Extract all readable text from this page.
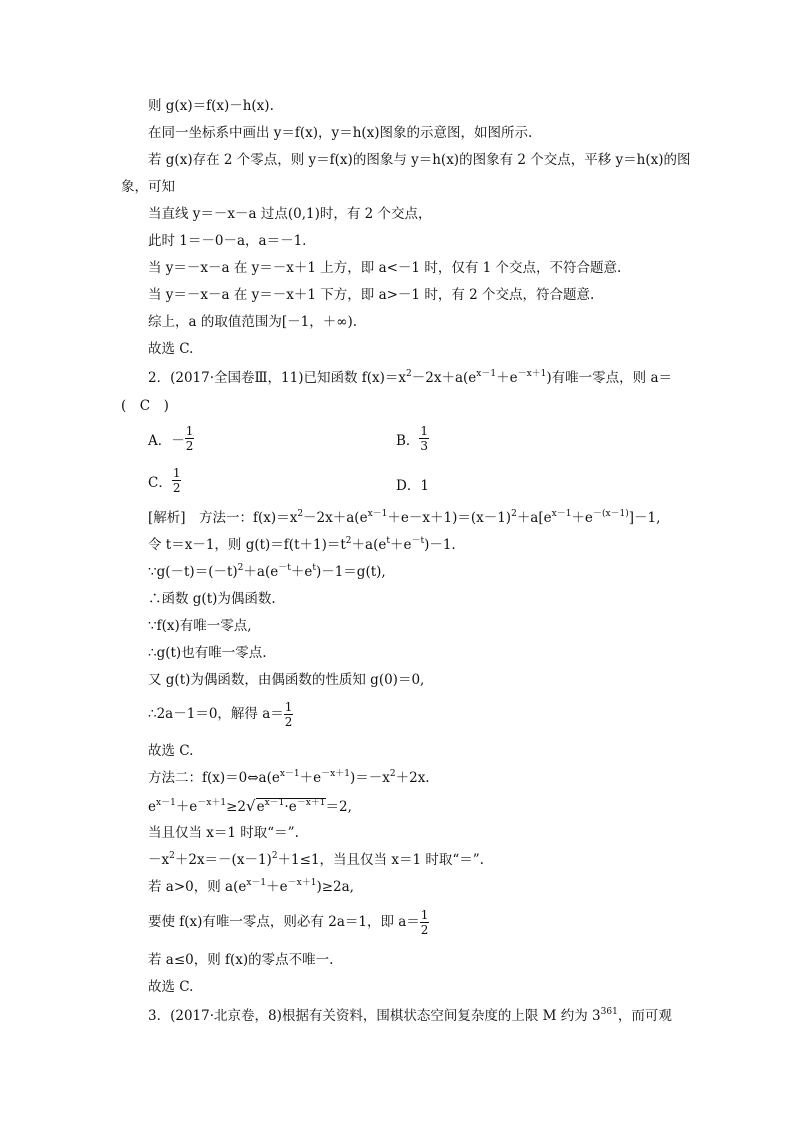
则 g(x)＝f(x)－h(x).
在同一坐标系中画出 y＝f(x)，y＝h(x)图象的示意图，如图所示.
若 g(x)存在 2 个零点，则 y＝f(x)的图象与 y＝h(x)的图象有 2 个交点，平移 y＝h(x)的图
象，可知
当直线 y＝－x－a 过点(0,1)时，有 2 个交点，
此时 1＝－0－a，a＝－1.
当 y＝－x－a 在 y＝－x＋1 上方，即 a<－1 时，仅有 1 个交点，不符合题意.
当 y＝－x－a 在 y＝－x＋1 下方，即 a>－1 时，有 2 个交点，符合题意.
综上，a 的取值范围为[－1，＋∞).
故选 C.
2．(2017·全国卷Ⅲ，11)已知函数 $f(x)=x^2-2x+a(e^{x-1}+e^{-x+1})$有唯一零点，则 a＝
(　C　)
A．－ $\frac{1}{2}$	B． $\frac{1}{3}$
C． $\frac{1}{2}$	D．1
[解析]　方法一：$f(x)=x^2-2x+a(e^{x-1}+e-x+1)=(x-1)^2+a[e^{x-1}+e^{-(x-1)}]-1$,
令 t＝x－1，则 $g(t)=f(t+1)=t^2+a(e^t+e^{-t})-1$.
$\because g(-t)=(-t)^2+a(e^{-t}+e^t)-1=g(t)$,
∴函数 g(t)为偶函数.
∵f(x)有唯一零点,
∴g(t)也有唯一零点.
又 g(t)为偶函数，由偶函数的性质知 g(0)＝0,
∴2a－1＝0，解得 $a= \frac{1}{2}$
故选 C.
方法二：$f(x)=0\Leftrightarrow a(e^{x-1}+e^{-x+1})=-x^2+2x$.
$e^{x-1}+e^{-x+1}\ge 2√e^{x-1}\cdot e^{-x+1}=2$,
当且仅当 x＝1 时取“＝”.
$-x^2+2x=-(x-1)^2+1\le 1$，当且仅当 x＝1 时取“＝”.
若 a>0，则 $a(e^{x-1}+e^{-x+1})\ge 2a$,
要使 f(x)有唯一零点，则必有 2a＝1，即 $a= \frac{1}{2}$
若 a≤0，则 f(x)的零点不唯一.
故选 C.
3．(2017·北京卷，8)根据有关资料，围棋状态空间复杂度的上限 M 约为 $3^{361}$，而可观
